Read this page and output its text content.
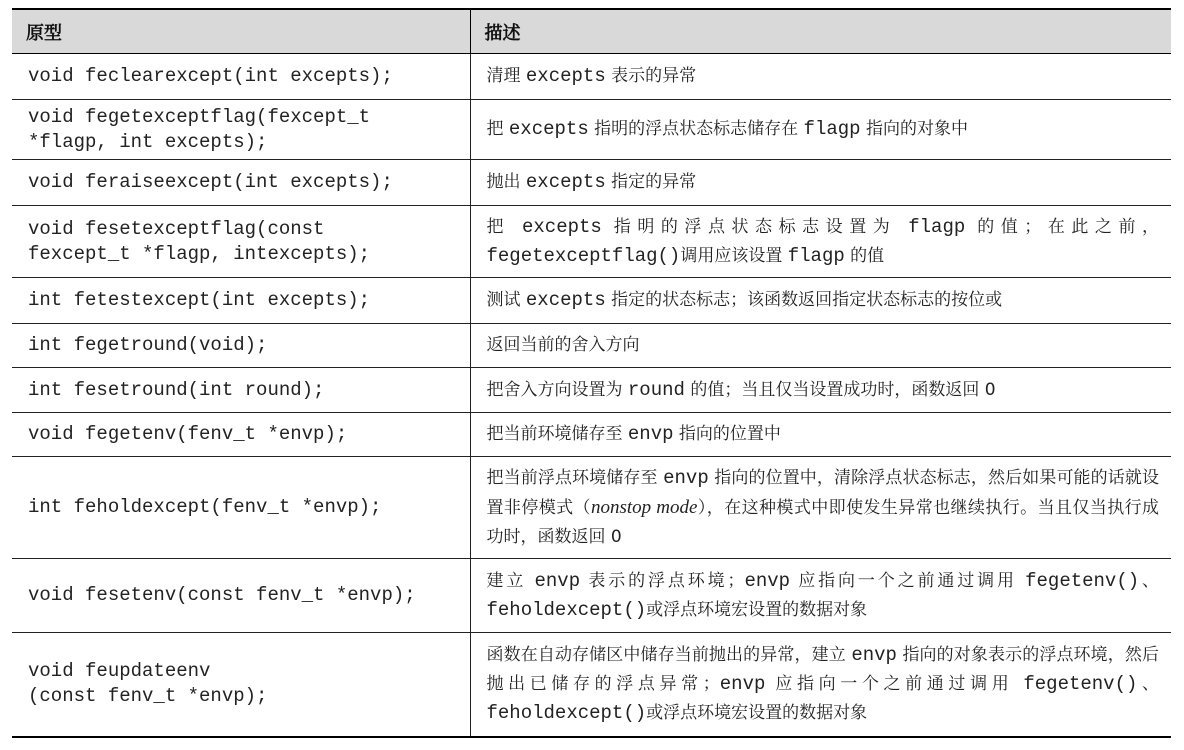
原型	描述
void feclearexcept(int excepts);	清理 excepts 表示的异常
void fegetexceptflag(fexcept_t
*flagp, int excepts);	把 excepts 指明的浮点状态标志储存在 flagp 指向的对象中
void feraiseexcept(int excepts);	抛出 excepts 指定的异常
void fesetexceptflag(const
fexcept_t *flagp, intexcepts);	把 excepts 指明的浮点状态标志设置为 flagp 的值；在此之前，fegetexceptflag()调用应该设置 flagp 的值
int fetestexcept(int excepts);	测试 excepts 指定的状态标志；该函数返回指定状态标志的按位或
int fegetround(void);	返回当前的舍入方向
int fesetround(int round);	把舍入方向设置为 round 的值；当且仅当设置成功时，函数返回 0
void fegetenv(fenv_t *envp);	把当前环境储存至 envp 指向的位置中
int feholdexcept(fenv_t *envp);	把当前浮点环境储存至 envp 指向的位置中，清除浮点状态标志，然后如果可能的话就设置非停模式（nonstop mode），在这种模式中即使发生异常也继续执行。当且仅当执行成功时，函数返回 0
void fesetenv(const fenv_t *envp);	建立 envp 表示的浮点环境；envp 应指向一个之前通过调用 fegetenv()、feholdexcept()或浮点环境宏设置的数据对象
void feupdateenv
(const fenv_t *envp);	函数在自动存储区中储存当前抛出的异常，建立 envp 指向的对象表示的浮点环境，然后抛出已储存的浮点异常；envp 应指向一个之前通过调用 fegetenv()、feholdexcept()或浮点环境宏设置的数据对象
